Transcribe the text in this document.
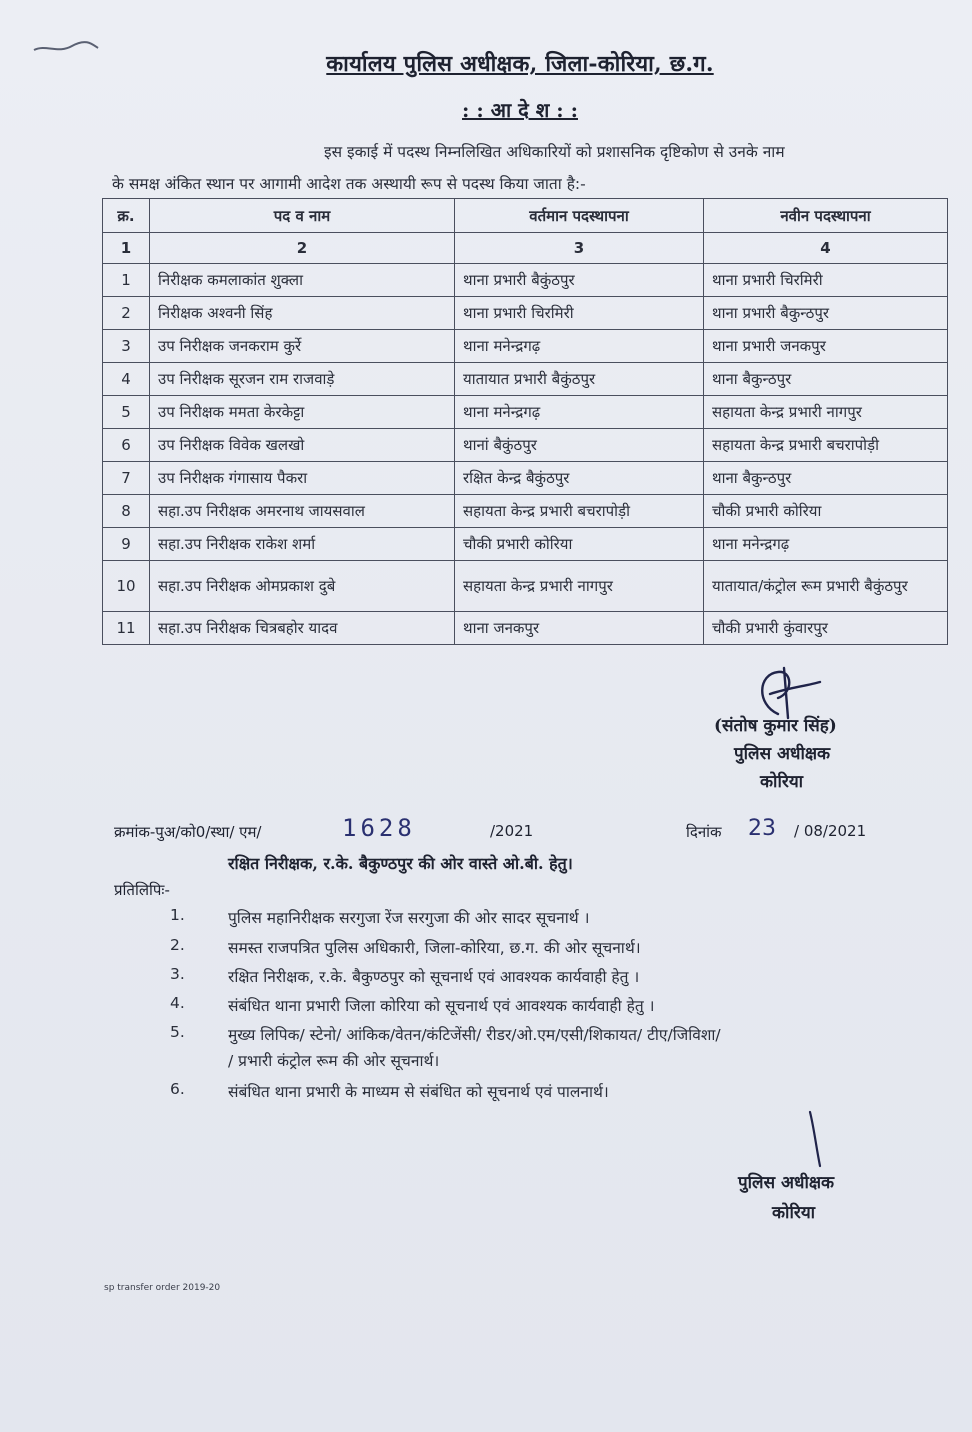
कार्यालय पुलिस अधीक्षक, जिला-कोरिया, छ.ग.
: : आ दे श : :
इस इकाई में पदस्थ निम्नलिखित अधिकारियों को प्रशासनिक दृष्टिकोण से उनके नाम
के समक्ष अंकित स्थान पर आगामी आदेश तक अस्थायी रूप से पदस्थ किया जाता है:-
क्र.	पद व नाम	वर्तमान पदस्थापना	नवीन पदस्थापना
1	2	3	4
1	निरीक्षक कमलाकांत शुक्ला	थाना प्रभारी बैकुंठपुर	थाना प्रभारी चिरमिरी
2	निरीक्षक अश्वनी सिंह	थाना प्रभारी चिरमिरी	थाना प्रभारी बैकुन्ठपुर
3	उप निरीक्षक जनकराम कुर्रे	थाना मनेन्द्रगढ़	थाना प्रभारी जनकपुर
4	उप निरीक्षक सूरजन राम राजवाड़े	यातायात प्रभारी बैकुंठपुर	थाना बैकुन्ठपुर
5	उप निरीक्षक ममता केरकेट्टा	थाना मनेन्द्रगढ़	सहायता केन्द्र प्रभारी नागपुर
6	उप निरीक्षक विवेक खलखो	थानां बैकुंठपुर	सहायता केन्द्र प्रभारी बचरापोड़ी
7	उप निरीक्षक गंगासाय पैकरा	रक्षित केन्द्र बैकुंठपुर	थाना बैकुन्ठपुर
8	सहा.उप निरीक्षक अमरनाथ जायसवाल	सहायता केन्द्र प्रभारी बचरापोड़ी	चौकी प्रभारी कोरिया
9	सहा.उप निरीक्षक राकेश शर्मा	चौकी प्रभारी कोरिया	थाना मनेन्द्रगढ़
10	सहा.उप निरीक्षक ओमप्रकाश दुबे	सहायता केन्द्र प्रभारी नागपुर	यातायात/कंट्रोल रूम प्रभारी बैकुंठपुर
11	सहा.उप निरीक्षक चित्रबहोर यादव	थाना जनकपुर	चौकी प्रभारी कुंवारपुर
(संतोष कुमार सिंह)
पुलिस अधीक्षक
कोरिया
क्रमांक-पुअ/को0/स्था/ एम/	1628	/2021	दिनांक 23 / 08/2021
रक्षित निरीक्षक, र.के. बैकुण्ठपुर की ओर वास्ते ओ.बी. हेतु।
प्रतिलिपिः-
1.	पुलिस महानिरीक्षक सरगुजा रेंज सरगुजा की ओर सादर सूचनार्थ ।
2.	समस्त राजपत्रित पुलिस अधिकारी, जिला-कोरिया, छ.ग. की ओर सूचनार्थ।
3.	रक्षित निरीक्षक, र.के. बैकुण्ठपुर को सूचनार्थ एवं आवश्यक कार्यवाही हेतु ।
4.	संबंधित थाना प्रभारी जिला कोरिया को सूचनार्थ एवं आवश्यक कार्यवाही हेतु ।
5.	मुख्य लिपिक/ स्टेनो/ आंकिक/वेतन/कंटिजेंसी/ रीडर/ओ.एम/एसी/शिकायत/ टीए/जिविशा/
/ प्रभारी कंट्रोल रूम की ओर सूचनार्थ।
6.	संबंधित थाना प्रभारी के माध्यम से संबंधित को सूचनार्थ एवं पालनार्थ।
पुलिस अधीक्षक
कोरिया
sp transfer order 2019-20
